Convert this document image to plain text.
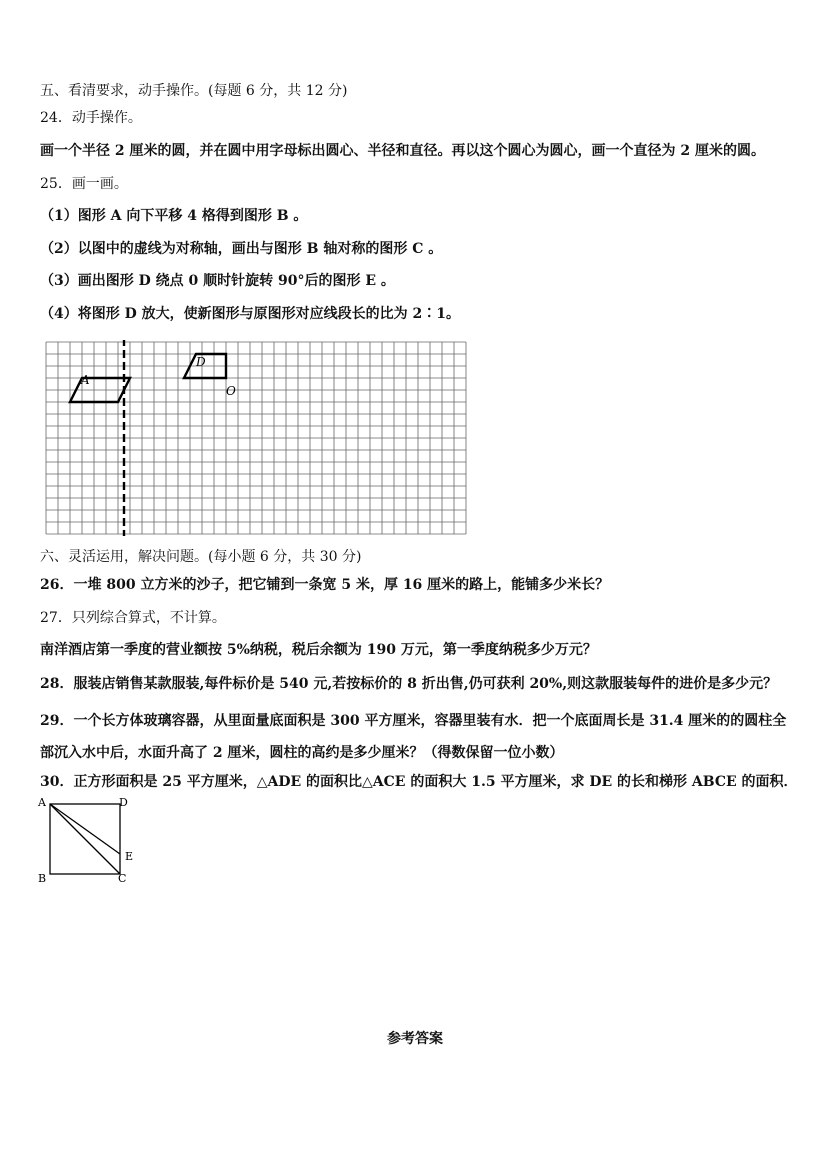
五、看清要求，动手操作。(每题 6 分，共 12 分)
24．动手操作。
画一个半径 2 厘米的圆，并在圆中用字母标出圆心、半径和直径。再以这个圆心为圆心，画一个直径为 2 厘米的圆。
25．画一画。
（1）图形 A 向下平移 4 格得到图形 B 。
（2）以图中的虚线为对称轴，画出与图形 B 轴对称的图形 C 。
（3）画出图形 D 绕点 0 顺时针旋转 90°后的图形 E 。
（4）将图形 D 放大，使新图形与原图形对应线段长的比为 2∶1。
A
D
O
六、灵活运用，解决问题。(每小题 6 分，共 30 分)
26．一堆 800 立方米的沙子，把它铺到一条宽 5 米，厚 16 厘米的路上，能铺多少米长？
27．只列综合算式，不计算。
南洋酒店第一季度的营业额按 5%纳税，税后余额为 190 万元，第一季度纳税多少万元？
28．服装店销售某款服装,每件标价是 540 元,若按标价的 8 折出售,仍可获利 20%,则这款服装每件的进价是多少元？
29．一个长方体玻璃容器，从里面量底面积是 300 平方厘米，容器里装有水．把一个底面周长是 31.4 厘米的的圆柱全部沉入水中后，水面升高了 2 厘米，圆柱的高约是多少厘米？（得数保留一位小数）
30．正方形面积是 25 平方厘米，△ADE 的面积比△ACE 的面积大 1.5 平方厘米，求 DE 的长和梯形 ABCE 的面积．
A	D
E
B	C
参考答案
